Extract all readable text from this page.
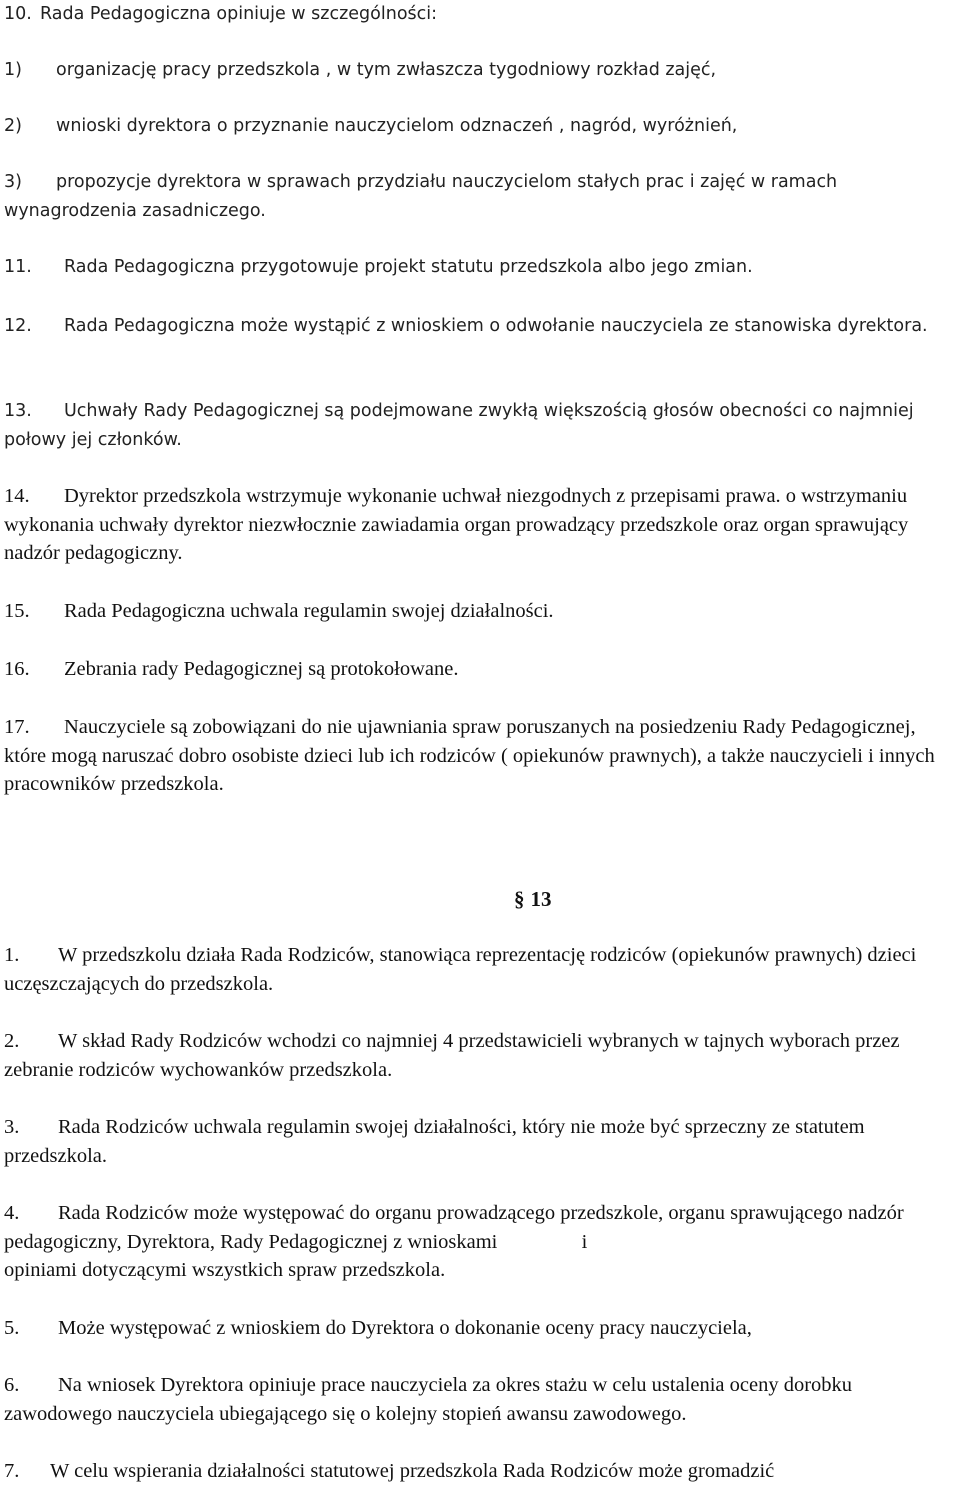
10. Rada Pedagogiczna opiniuje w szczególności:

1) organizację pracy przedszkola , w tym zwłaszcza tygodniowy rozkład zajęć,

2) wnioski dyrektora o przyznanie nauczycielom odznaczeń , nagród, wyróżnień,

3) propozycje dyrektora w sprawach przydziału nauczycielom stałych prac i zajęć w ramach wynagrodzenia zasadniczego.

11. Rada Pedagogiczna przygotowuje projekt statutu przedszkola albo jego zmian.

12. Rada Pedagogiczna może wystąpić z wnioskiem o odwołanie nauczyciela ze stanowiska dyrektora.

13. Uchwały Rady Pedagogicznej są podejmowane zwykłą większością głosów obecności co najmniej połowy jej członków.

14. Dyrektor przedszkola wstrzymuje wykonanie uchwał niezgodnych z przepisami prawa. o wstrzymaniu wykonania uchwały dyrektor niezwłocznie zawiadamia organ prowadzący przedszkole oraz organ sprawujący nadzór pedagogiczny.

15. Rada Pedagogiczna uchwala regulamin swojej działalności.

16. Zebrania rady Pedagogicznej są protokołowane.

17. Nauczyciele są zobowiązani do nie ujawniania spraw poruszanych na posiedzeniu Rady Pedagogicznej, które mogą naruszać dobro osobiste dzieci lub ich rodziców ( opiekunów prawnych), a także nauczycieli i innych pracowników przedszkola.

§ 13

1. W przedszkolu działa Rada Rodziców, stanowiąca reprezentację rodziców (opiekunów prawnych) dzieci uczęszczających do przedszkola.

2. W skład Rady Rodziców wchodzi co najmniej 4 przedstawicieli wybranych w tajnych wyborach przez zebranie rodziców wychowanków przedszkola.

3. Rada Rodziców uchwala regulamin swojej działalności, który nie może być sprzeczny ze statutem przedszkola.

4. Rada Rodziców może występować do organu prowadzącego przedszkole, organu sprawującego nadzór pedagogiczny, Dyrektora, Rady Pedagogicznej z wnioskami	i
opiniami dotyczącymi wszystkich spraw przedszkola.

5. Może występować z wnioskiem do Dyrektora o dokonanie oceny pracy nauczyciela,

6. Na wniosek Dyrektora opiniuje prace nauczyciela za okres stażu w celu ustalenia oceny dorobku zawodowego nauczyciela ubiegającego się o kolejny stopień awansu zawodowego.

7. W celu wspierania działalności statutowej przedszkola Rada Rodziców może gromadzić
